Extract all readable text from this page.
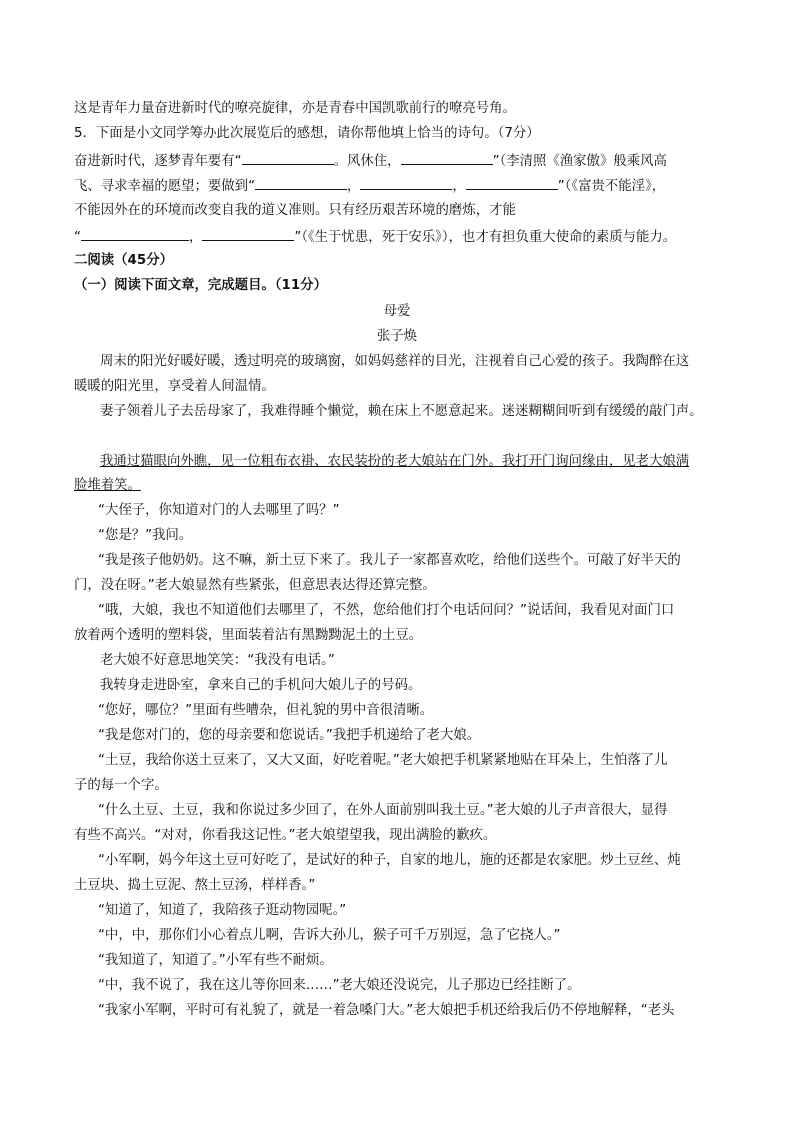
这是青年力量奋进新时代的嘹亮旋律，亦是青春中国凯歌前行的嘹亮号角。
5．下面是小文同学筹办此次展览后的感想，请你帮他填上恰当的诗句。（7分）
奋进新时代，逐梦青年要有“	。风休住，	”（李清照《渔家傲》般乘风高
飞、寻求幸福的愿望；要做到“	，	，	”（《富贵不能淫》，
不能因外在的环境而改变自我的道义准则。只有经历艰苦环境的磨炼，才能
“	，	”（《生于忧患，死于安乐》），也才有担负重大使命的素质与能力。
二阅读（45分）
（一）阅读下面文章，完成题目。（11分）
母爱
张子焕
周末的阳光好暖好暖，透过明亮的玻璃窗，如妈妈慈祥的目光，注视着自己心爱的孩子。我陶醉在这
暖暖的阳光里，享受着人间温情。
妻子领着儿子去岳母家了，我难得睡个懒觉，赖在床上不愿意起来。迷迷糊糊间听到有缓缓的敲门声。
我通过猫眼向外瞧，见一位粗布衣褂、农民装扮的老大娘站在门外。我打开门询问缘由，见老大娘满
脸堆着笑。
“大侄子，你知道对门的人去哪里了吗？”
“您是？”我问。
“我是孩子他奶奶。这不嘛，新土豆下来了。我儿子一家都喜欢吃，给他们送些个。可敲了好半天的
门，没在呀。”老大娘显然有些紧张，但意思表达得还算完整。
“哦，大娘，我也不知道他们去哪里了，不然，您给他们打个电话问问？”说话间，我看见对面门口
放着两个透明的塑料袋，里面装着沾有黑黝黝泥土的土豆。
老大娘不好意思地笑笑：“我没有电话。”
我转身走进卧室，拿来自己的手机问大娘儿子的号码。
“您好，哪位？”里面有些嘈杂，但礼貌的男中音很清晰。
“我是您对门的，您的母亲要和您说话。”我把手机递给了老大娘。
“土豆，我给你送土豆来了，又大又面，好吃着呢。”老大娘把手机紧紧地贴在耳朵上，生怕落了儿
子的每一个字。
“什么土豆、土豆，我和你说过多少回了，在外人面前别叫我土豆。”老大娘的儿子声音很大，显得
有些不高兴。“对对，你看我这记性。”老大娘望望我，现出满脸的歉疚。
“小军啊，妈今年这土豆可好吃了，是试好的种子，自家的地儿，施的还都是农家肥。炒土豆丝、炖
土豆块、捣土豆泥、熬土豆汤，样样香。”
“知道了，知道了，我陪孩子逛动物园呢。”
“中，中，那你们小心着点儿啊，告诉大孙儿，猴子可千万别逗，急了它挠人。”
“我知道了，知道了。”小军有些不耐烦。
“中，我不说了，我在这儿等你回来……”老大娘还没说完，儿子那边已经挂断了。
“我家小军啊，平时可有礼貌了，就是一着急嗓门大。”老大娘把手机还给我后仍不停地解释，“老头
